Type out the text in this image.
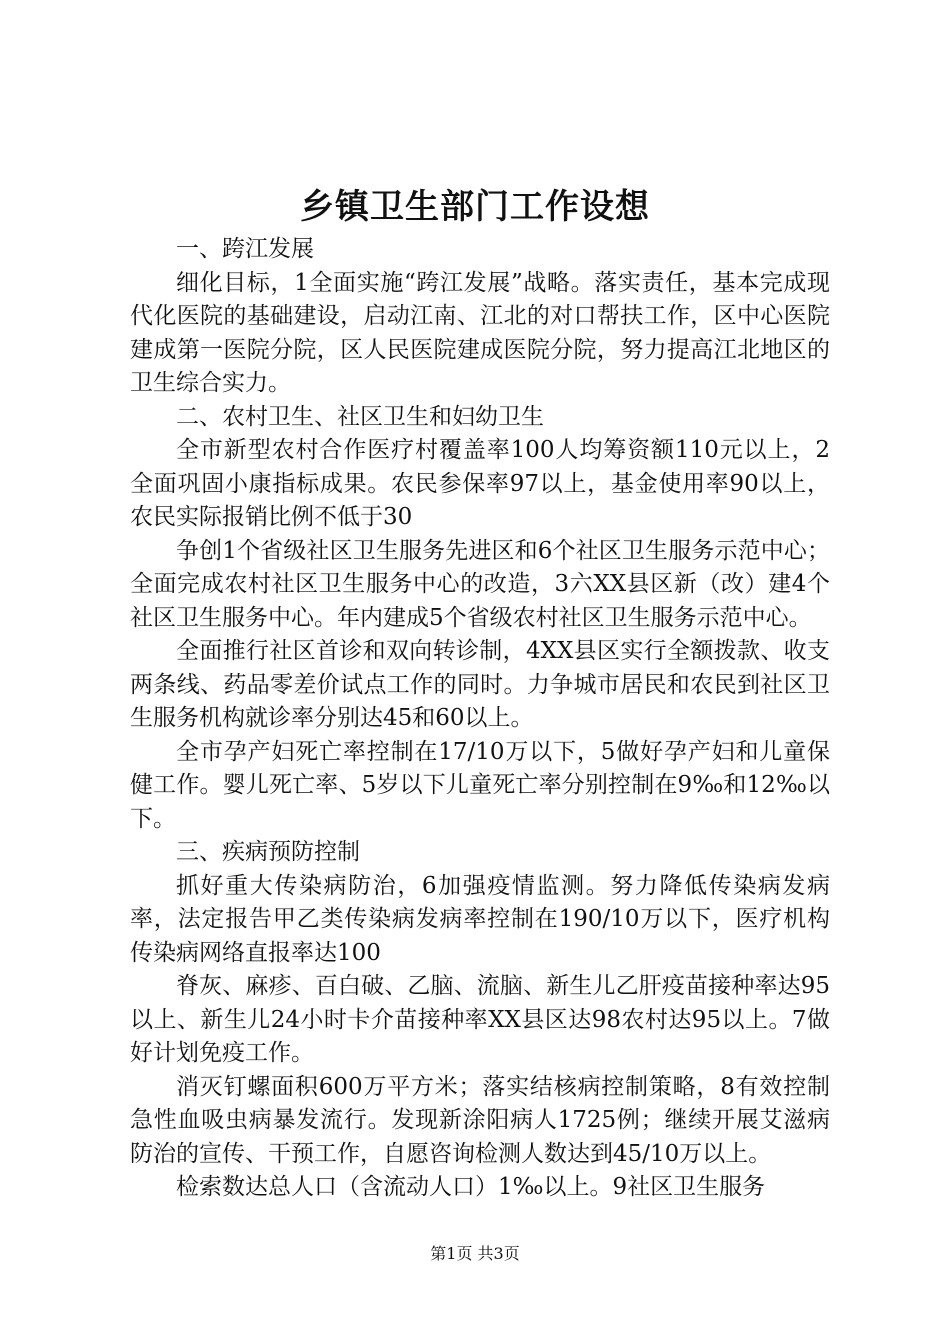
乡镇卫生部门工作设想

一、跨江发展

细化目标，1全面实施“跨江发展”战略。落实责任，基本完成现代化医院的基础建设，启动江南、江北的对口帮扶工作，区中心医院建成第一医院分院，区人民医院建成医院分院，努力提高江北地区的卫生综合实力。

二、农村卫生、社区卫生和妇幼卫生

全市新型农村合作医疗村覆盖率100人均筹资额110元以上，2全面巩固小康指标成果。农民参保率97以上，基金使用率90以上，农民实际报销比例不低于30

争创1个省级社区卫生服务先进区和6个社区卫生服务示范中心；全面完成农村社区卫生服务中心的改造，3六XX县区新（改）建4个社区卫生服务中心。年内建成5个省级农村社区卫生服务示范中心。

全面推行社区首诊和双向转诊制，4XX县区实行全额拨款、收支两条线、药品零差价试点工作的同时。力争城市居民和农民到社区卫生服务机构就诊率分别达45和60以上。

全市孕产妇死亡率控制在17/10万以下，5做好孕产妇和儿童保健工作。婴儿死亡率、5岁以下儿童死亡率分别控制在9‰和12‰以下。

三、疾病预防控制

抓好重大传染病防治，6加强疫情监测。努力降低传染病发病率，法定报告甲乙类传染病发病率控制在190/10万以下，医疗机构传染病网络直报率达100

脊灰、麻疹、百白破、乙脑、流脑、新生儿乙肝疫苗接种率达95以上、新生儿24小时卡介苗接种率XX县区达98农村达95以上。7做好计划免疫工作。

消灭钉螺面积600万平方米；落实结核病控制策略，8有效控制急性血吸虫病暴发流行。发现新涂阳病人1725例；继续开展艾滋病防治的宣传、干预工作，自愿咨询检测人数达到45/10万以上。

检索数达总人口（含流动人口）1‰以上。9社区卫生服务

第1页 共3页
